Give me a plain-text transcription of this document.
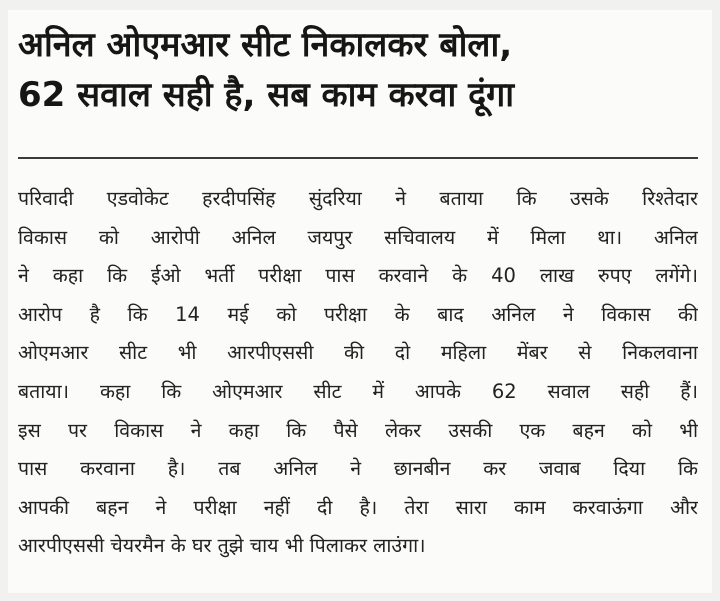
अनिल ओएमआर सीट निकालकर बोला,
62 सवाल सही है, सब काम करवा दूंगा
परिवादी एडवोकेट हरदीपसिंह सुंदरिया ने बताया कि उसके रिश्तेदार
विकास को आरोपी अनिल जयपुर सचिवालय में मिला था। अनिल
ने कहा कि ईओ भर्ती परीक्षा पास करवाने के 40 लाख रुपए लगेंगे।
आरोप है कि 14 मई को परीक्षा के बाद अनिल ने विकास की
ओएमआर सीट भी आरपीएससी की दो महिला मेंबर से निकलवाना
बताया। कहा कि ओएमआर सीट में आपके 62 सवाल सही हैं।
इस पर विकास ने कहा कि पैसे लेकर उसकी एक बहन को भी
पास करवाना है। तब अनिल ने छानबीन कर जवाब दिया कि
आपकी बहन ने परीक्षा नहीं दी है। तेरा सारा काम करवाऊंगा और
आरपीएससी चेयरमैन के घर तुझे चाय भी पिलाकर लाउंगा।
